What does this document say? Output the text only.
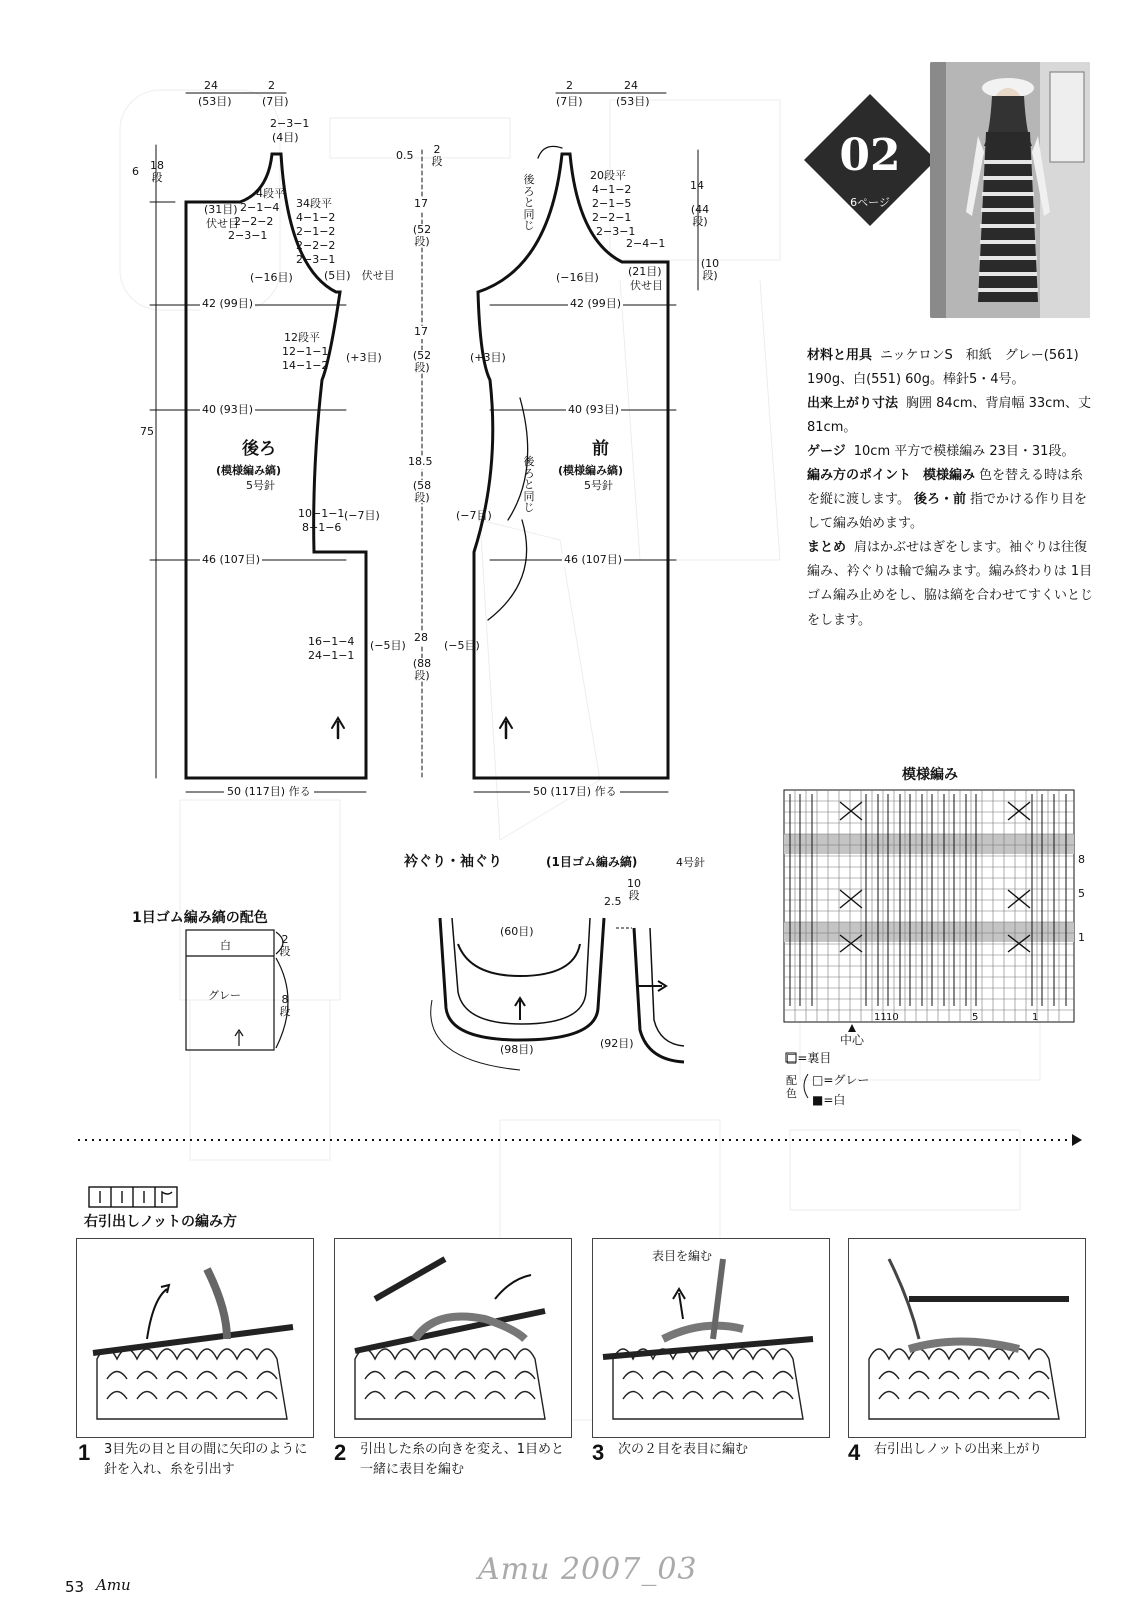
24
(53目)
2
(7目)
2−3−1
(4目)
6 18
段
(31目)
伏せ目
4段平
2−1−4
2−2−2
2−3−1
34段平
4−1−2
2−1−2
2−2−2
2−3−1
(−16目)	(5目)　伏せ目
42 (99目)
12段平
12−1−1
14−1−2
(+3目)
40 (93目)
75
後ろ
(模様編み縞)
5号針
10−1−1
8−1−6
(−7目)
46 (107目)
16−1−4
24−1−1
(−5目)
50 (117目) 作る
0.5	2
段
17
(52
段)
17
(52
段)
18.5
(58
段)
28
(88
段)
2
(7目)
24
(53目)
後
ろ
と
同
じ
20段平
4−1−2
2−1−5
2−2−1
2−3−1
2−4−1
14
(44
段)
(10
段)
(−16目)	(21目)
伏せ目
42 (99目)
(+3目)
40 (93目)
前
(模様編み縞)
5号針
後
ろ
と
同
じ
(−7目)
46 (107目)
(−5目)
50 (117目) 作る
衿ぐり・袖ぐり	(1目ゴム編み縞)	4号針
10
段
2.5
(60目)
(98目)	(92目)
1目ゴム編み縞の配色
白
グレー
2
段
8
段
02
6ページ

材料と用具 ニッケロンS　和紙　グレー(561) 190g、白(551) 60g。棒針5・4号。

出来上がり寸法 胸囲 84cm、背肩幅 33cm、丈 81cm。

ゲージ 10cm 平方で模様編み 23目・31段。

編み方のポイント 模様編み 色を替える時は糸を縦に渡します。 後ろ・前 指でかける作り目をして編み始めます。

まとめ 肩はかぶせはぎをします。袖ぐりは往復編み、衿ぐりは輪で編みます。編み終わりは 1目ゴム編み止めをし、脇は縞を合わせてすくいとじをします。

模様編み
8
5
1
11 10	5	1
中心
□=裏目
配色
□=グレー
■=白
右引出しノットの編み方
表目を編む
1 3目先の目と目の間に矢印のように針を入れ、糸を引出す
2 引出した糸の向きを変え、1目めと一緒に表目を編む
3 次の２目を表目に編む	4 右引出しノットの出来上がり
53 Amu	Amu 2007_03
